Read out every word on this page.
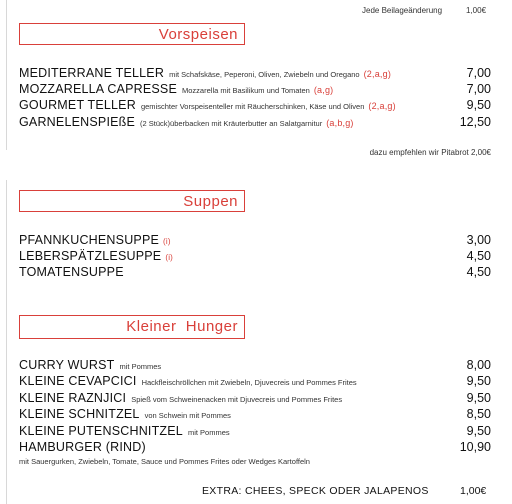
Jede Beilageänderung	1,00€
Vorspeisen
MEDITERRANE TELLER mit Schafskäse, Peperoni, Oliven, Zwiebeln und Oregano (2,a,g)	7,00
MOZZARELLA CAPRESSE Mozzarella mit Basilikum und Tomaten (a,g)	7,00
GOURMET TELLER gemischter Vorspeisenteller mit Räucherschinken, Käse und Oliven (2,a,g)	9,50
GARNELENSPIEßE (2 Stück)überbacken mit Kräuterbutter an Salatgarnitur (a,b,g)	12,50
dazu empfehlen wir Pitabrot 2,00€
Suppen
PFANNKUCHENSUPPE (i)	3,00
LEBERSPÄTZLESUPPE (i)	4,50
TOMATENSUPPE	4,50
Kleiner  Hunger
CURRY WURST mit Pommes	8,00
KLEINE CEVAPCICI Hackfleischröllchen mit Zwiebeln, Djuvecreis und Pommes Frites	9,50
KLEINE RAZNJICI Spieß vom Schweinenacken mit Djuvecreis und Pommes Frites	9,50
KLEINE SCHNITZEL von Schwein mit Pommes	8,50
KLEINE PUTENSCHNITZEL mit Pommes	9,50
HAMBURGER (RIND)	10,90
mit Sauergurken, Zwiebeln, Tomate, Sauce und Pommes Frites oder Wedges Kartoffeln
EXTRA: CHEES, SPECK ODER JALAPENOS	1,00€
